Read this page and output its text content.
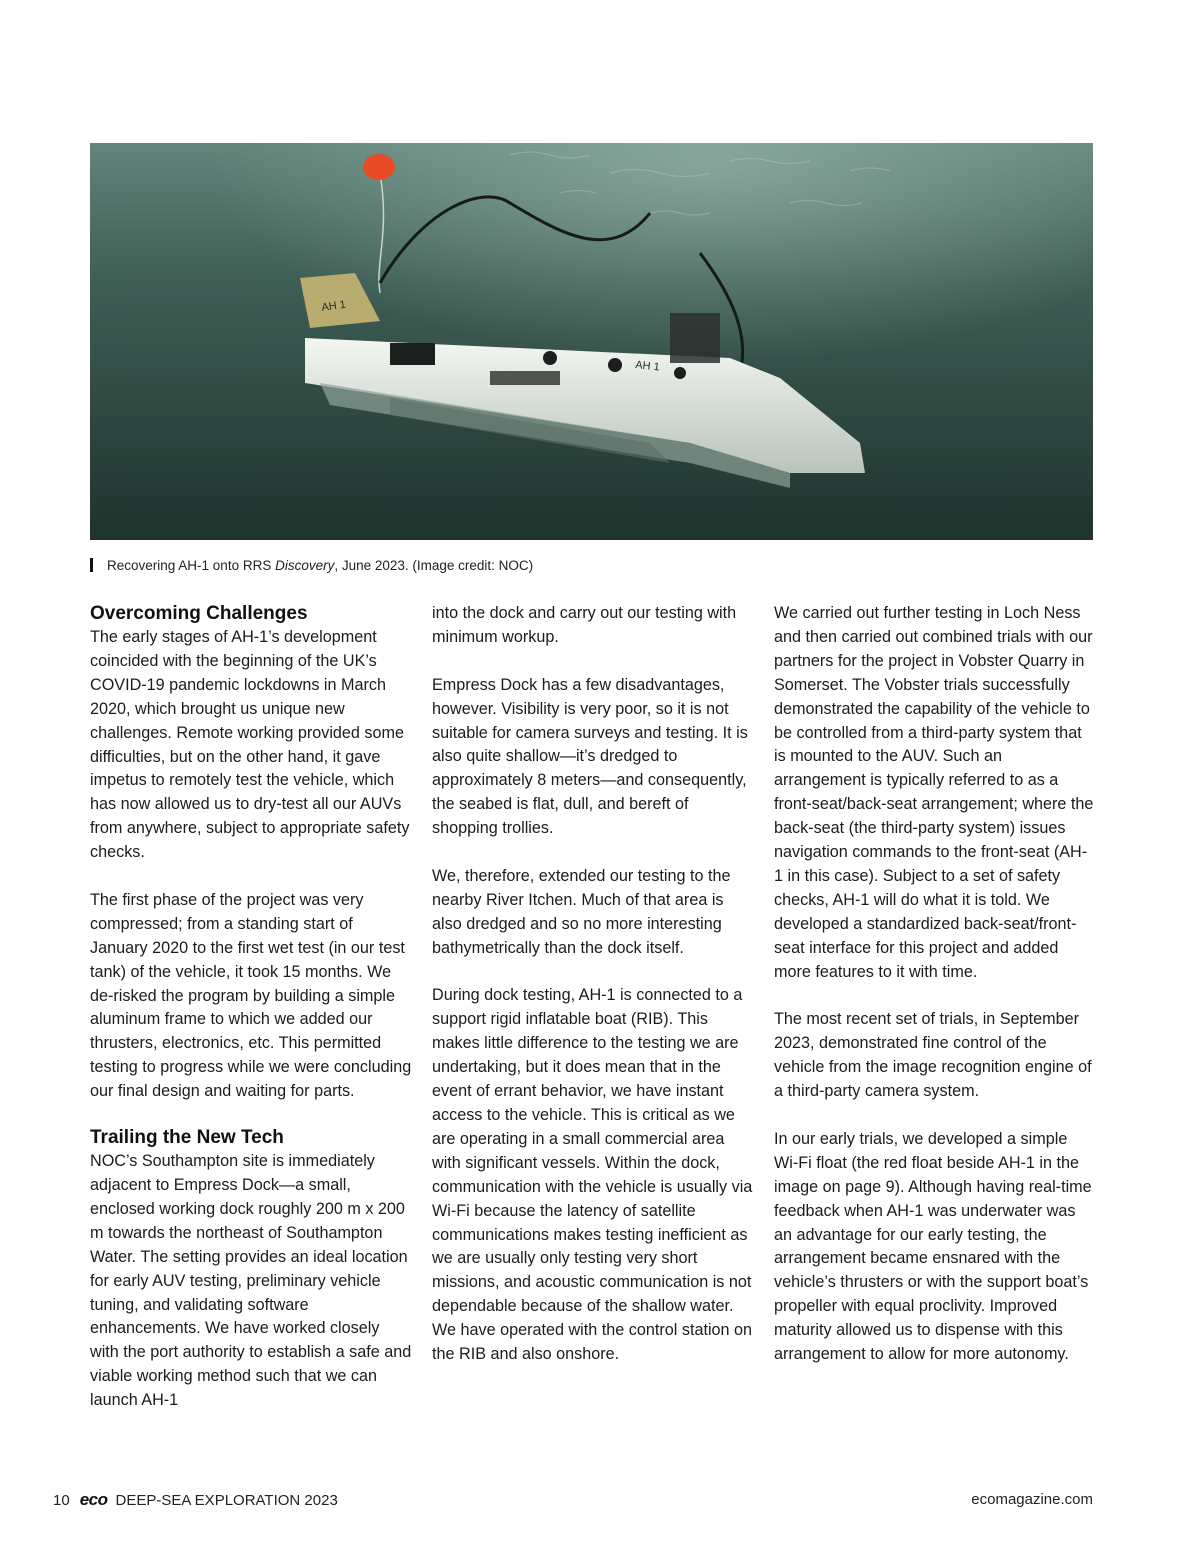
AH 1
AH 1
Recovering AH-1 onto RRS Discovery, June 2023. (Image credit: NOC)
Overcoming Challenges

The early stages of AH-1’s development coincided with the beginning of the UK’s COVID-19 pandemic lockdowns in March 2020, which brought us unique new challenges. Remote working provided some difficulties, but on the other hand, it gave impetus to remotely test the vehicle, which has now allowed us to dry-test all our AUVs from anywhere, subject to appropriate safety checks.

The first phase of the project was very compressed; from a standing start of January 2020 to the first wet test (in our test tank) of the vehicle, it took 15 months. We de-risked the program by building a simple aluminum frame to which we added our thrusters, electronics, etc. This permitted testing to progress while we were concluding our final design and waiting for parts.

Trailing the New Tech

NOC’s Southampton site is immediately adjacent to Empress Dock—a small, enclosed working dock roughly 200 m x 200 m towards the northeast of Southampton Water. The setting provides an ideal location for early AUV testing, preliminary vehicle tuning, and validating software enhancements. We have worked closely with the port authority to establish a safe and viable working method such that we can launch AH-1

into the dock and carry out our testing with minimum workup.

Empress Dock has a few disadvantages, however. Visibility is very poor, so it is not suitable for camera surveys and testing. It is also quite shallow—it’s dredged to approximately 8 meters—and consequently, the seabed is flat, dull, and bereft of shopping trollies.

We, therefore, extended our testing to the nearby River Itchen. Much of that area is also dredged and so no more interesting bathymetrically than the dock itself.

During dock testing, AH-1 is connected to a support rigid inflatable boat (RIB). This makes little difference to the testing we are undertaking, but it does mean that in the event of errant behavior, we have instant access to the vehicle. This is critical as we are operating in a small commercial area with significant vessels. Within the dock, communication with the vehicle is usually via Wi-Fi because the latency of satellite communications makes testing inefficient as we are usually only testing very short missions, and acoustic communication is not dependable because of the shallow water. We have operated with the control station on the RIB and also onshore.

We carried out further testing in Loch Ness and then carried out combined trials with our partners for the project in Vobster Quarry in Somerset. The Vobster trials successfully demonstrated the capability of the vehicle to be controlled from a third-party system that is mounted to the AUV. Such an arrangement is typically referred to as a front-seat/back-seat arrangement; where the back-seat (the third-party system) issues navigation commands to the front-seat (AH-1 in this case). Subject to a set of safety checks, AH-1 will do what it is told. We developed a standardized back-seat/front-seat interface for this project and added more features to it with time.

The most recent set of trials, in September 2023, demonstrated fine control of the vehicle from the image recognition engine of a third-party camera system.

In our early trials, we developed a simple Wi-Fi float (the red float beside AH-1 in the image on page 9). Although having real-time feedback when AH-1 was underwater was an advantage for our early testing, the arrangement became ensnared with the vehicle’s thrusters or with the support boat’s propeller with equal proclivity. Improved maturity allowed us to dispense with this arrangement to allow for more autonomy.

10 eco DEEP-SEA EXPLORATION 2023	ecomagazine.com
